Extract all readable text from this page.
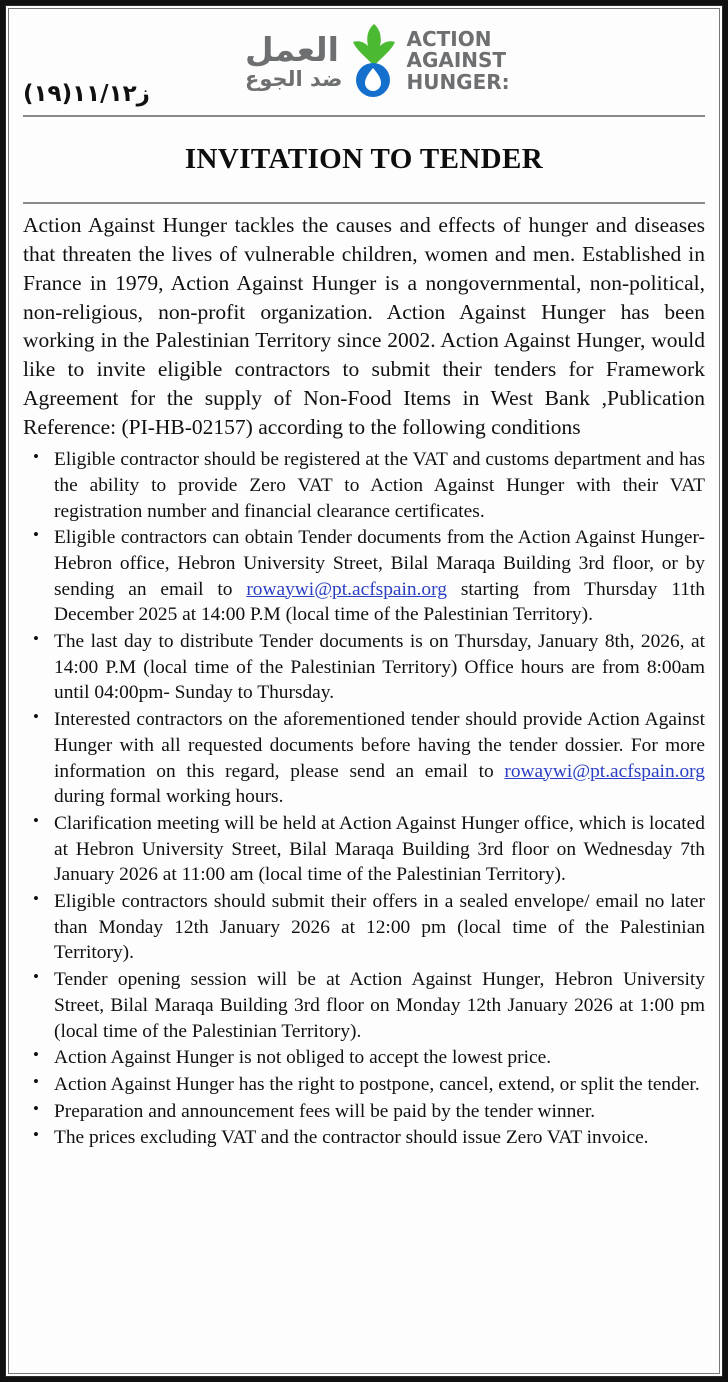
ز١١/١٢(١٩)
العمل
ضد الجوع
ACTION
AGAINST
HUNGER:
INVITATION TO TENDER

Action Against Hunger tackles the causes and effects of hunger and diseases that threaten the lives of vulnerable children, women and men. Established in France in 1979, Action Against Hunger is a nongovernmental, non-political, non-religious, non-profit organization. Action Against Hunger has been working in the Palestinian Territory since 2002. Action Against Hunger, would like to invite eligible contractors to submit their tenders for Framework Agreement for the supply of Non-Food Items in West Bank ,Publication Reference: (PI-HB-02157) according to the following conditions

• Eligible contractor should be registered at the VAT and customs department and has the ability to provide Zero VAT to Action Against Hunger with their VAT registration number and financial clearance certificates.
• Eligible contractors can obtain Tender documents from the Action Against Hunger-Hebron office, Hebron University Street, Bilal Maraqa Building 3rd floor, or by sending an email to rowaywi@pt.acfspain.org starting from Thursday 11th December 2025 at 14:00 P.M (local time of the Palestinian Territory).
• The last day to distribute Tender documents is on Thursday, January 8th, 2026, at 14:00 P.M (local time of the Palestinian Territory) Office hours are from 8:00am until 04:00pm- Sunday to Thursday.
• Interested contractors on the aforementioned tender should provide Action Against Hunger with all requested documents before having the tender dossier. For more information on this regard, please send an email to rowaywi@pt.acfspain.org during formal working hours.
• Clarification meeting will be held at Action Against Hunger office, which is located at Hebron University Street, Bilal Maraqa Building 3rd floor on Wednesday 7th January 2026 at 11:00 am (local time of the Palestinian Territory).
• Eligible contractors should submit their offers in a sealed envelope/ email no later than Monday 12th January 2026 at 12:00 pm (local time of the Palestinian Territory).
• Tender opening session will be at Action Against Hunger, Hebron University Street, Bilal Maraqa Building 3rd floor on Monday 12th January 2026 at 1:00 pm (local time of the Palestinian Territory).
• Action Against Hunger is not obliged to accept the lowest price.
• Action Against Hunger has the right to postpone, cancel, extend, or split the tender.
• Preparation and announcement fees will be paid by the tender winner.
• The prices excluding VAT and the contractor should issue Zero VAT invoice.
